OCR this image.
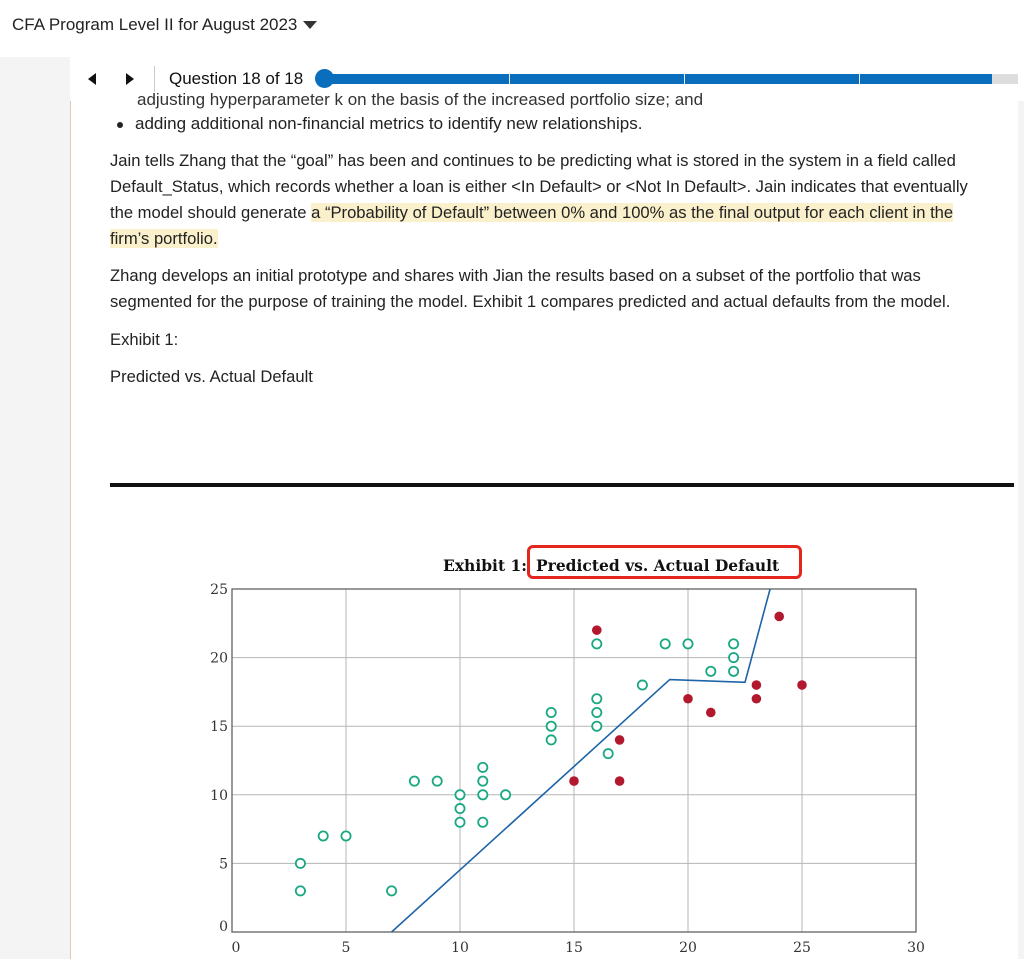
CFA Program Level II for August 2023
Question 18 of 18
adjusting hyperparameter k on the basis of the increased portfolio size; and
adding additional non-financial metrics to identify new relationships.
Jain tells Zhang that the “goal” has been and continues to be predicting what is stored in the system in a field called
Default_Status, which records whether a loan is either <In Default> or <Not In Default>. Jain indicates that eventually
the model should generate a “Probability of Default” between 0% and 100% as the final output for each client in the
firm’s portfolio.
Zhang develops an initial prototype and shares with Jian the results based on a subset of the portfolio that was
segmented for the purpose of training the model. Exhibit 1 compares predicted and actual defaults from the model.
Exhibit 1:
Predicted vs. Actual Default
Exhibit 1: Predicted vs. Actual Default
0	5	10	15	20	25	30
0
5
10
15
20
25
